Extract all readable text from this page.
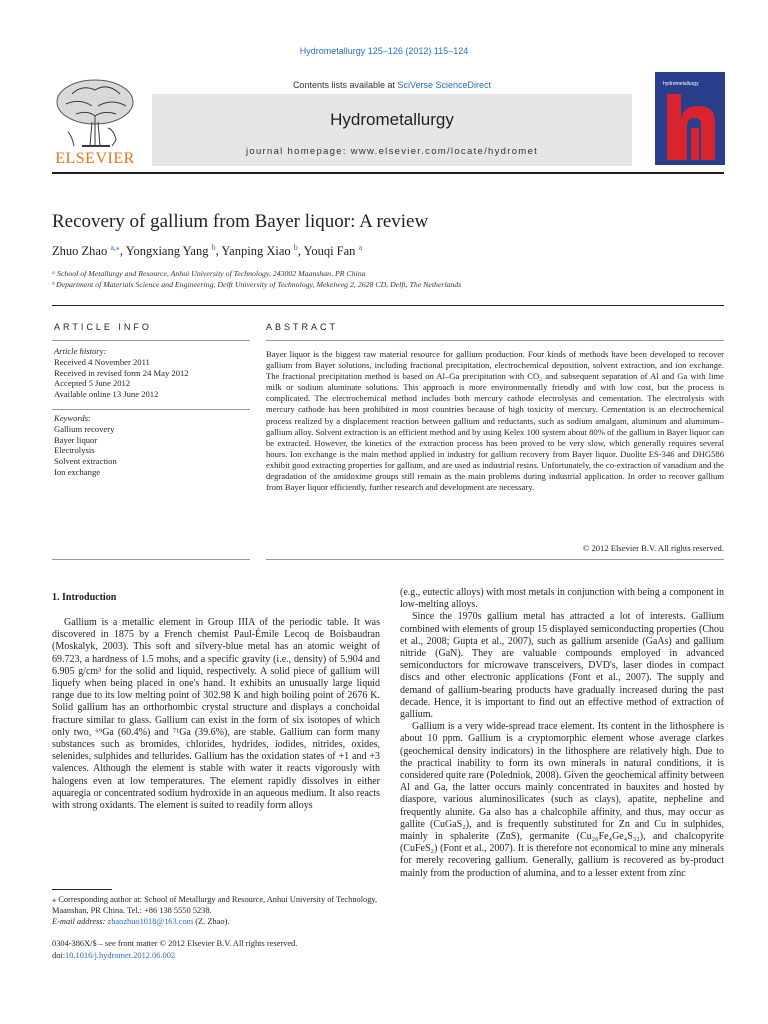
Hydrometallurgy 125–126 (2012) 115–124
ELSEVIER
Contents lists available at SciVerse ScienceDirect
Hydrometallurgy
journal homepage: www.elsevier.com/locate/hydromet
hydrometallurgy
Recovery of gallium from Bayer liquor: A review
Zhuo Zhao $^{a,⁎}$, Yongxiang Yang $^b$, Yanping Xiao $^b$, Youqi Fan $^a$
ᵃ School of Metallurgy and Resource, Anhui University of Technology, 243002 Maanshan, PR China
ᵇ Department of Materials Science and Engineering, Delft University of Technology, Mekelweg 2, 2628 CD, Delft, The Netherlands
ARTICLE INFO	ABSTRACT
Article history:
Received 4 November 2011
Received in revised form 24 May 2012
Accepted 5 June 2012
Available online 13 June 2012
Keywords:
Gallium recovery
Bayer liquor
Electrolysis
Solvent extraction
Ion exchange
Bayer liquor is the biggest raw material resource for gallium production. Four kinds of methods have been developed to recover gallium from Bayer solutions, including fractional precipitation, electrochemical deposition, solvent extraction, and ion exchange. The fractional precipitation method is based on Al–Ga precipitation with CO₂ and subsequent separation of Al and Ga with lime milk or sodium aluminate solutions. This approach is more environmentally friendly and with low cost, but the process is complicated. The electrochemical method includes both mercury cathode electrolysis and cementation. The electrolysis with mercury cathode has been prohibited in most countries because of high toxicity of mercury. Cementation is an electrochemical process realized by a displacement reaction between gallium and reductants, such as sodium amalgam, aluminum and aluminum–gallium alloy. Solvent extraction is an efficient method and by using Kelex 100 system about 80% of the gallium in Bayer liquor can be extracted. However, the kinetics of the extraction process has been proved to be very slow, which generally requires several hours. Ion exchange is the main method applied in industry for gallium recovery from Bayer liquor. Duolite ES-346 and DHG586 exhibit good extracting properties for gallium, and are used as industrial resins. Unfortunately, the co-extraction of vanadium and the degradation of the amidoxime groups still remain as the main problems during industrial application. In order to recover gallium from Bayer liquor efficiently, further research and development are necessary.
© 2012 Elsevier B.V. All rights reserved.
1. Introduction

Gallium is a metallic element in Group IIIA of the periodic table. It was discovered in 1875 by a French chemist Paul-Émile Lecoq de Boisbaudran (Moskalyk, 2003). This soft and silvery-blue metal has an atomic weight of 69.723, a hardness of 1.5 mohs, and a specific gravity (i.e., density) of 5.904 and 6.905 g/cm³ for the solid and liquid, respectively. A solid piece of gallium will liquefy when being placed in one's hand. It exhibits an unusually large liquid range due to its low melting point of 302.98 K and high boiling point of 2676 K. Solid gallium has an orthorhombic crystal structure and displays a conchoidal fracture similar to glass. Gallium can exist in the form of six isotopes of which only two, ⁶⁹Ga (60.4%) and ⁷¹Ga (39.6%), are stable. Gallium can form many substances such as bromides, chlorides, hydrides, iodides, nitrides, oxides, selenides, sulphides and tellurides. Gallium has the oxidation states of +1 and +3 valences. Although the element is stable with water it reacts vigorously with halogens even at low temperatures. The element rapidly dissolves in either aquaregia or concentrated sodium hydroxide in an aqueous medium. It also reacts with strong oxidants. The element is suited to readily form alloys

(e.g., eutectic alloys) with most metals in conjunction with being a component in low-melting alloys.

Since the 1970s gallium metal has attracted a lot of interests. Gallium combined with elements of group 15 displayed semiconducting properties (Chou et al., 2008; Gupta et al., 2007), such as gallium arsenide (GaAs) and gallium nitride (GaN). They are valuable compounds employed in advanced semiconductors for microwave transceivers, DVD's, laser diodes in compact discs and other electronic applications (Font et al., 2007). The supply and demand of gallium-bearing products have gradually increased during the past decade. Hence, it is important to find out an effective method of extraction of gallium.

Gallium is a very wide-spread trace element. Its content in the lithosphere is about 10 ppm. Gallium is a cryptomorphic element whose average clarkes (geochemical density indicators) in the lithosphere are relatively high. Due to the practical inability to form its own minerals in natural conditions, it is considered quite rare (Poledniok, 2008). Given the geochemical affinity between Al and Ga, the latter occurs mainly concentrated in bauxites and hosted by diaspore, various aluminosilicates (such as clays), apatite, nepheline and frequently alunite. Ga also has a chalcophile affinity, and thus, may occur as gallite (CuGaS₂), and is frequently substituted for Zn and Cu in sulphides, mainly in sphalerite (ZnS), germanite (Cu₂₆Fe₄Ge₄S₃₂), and chalcopyrite (CuFeS₂) (Font et al., 2007). It is therefore not economical to mine any minerals for merely recovering gallium. Generally, gallium is recovered as by-product mainly from the production of alumina, and to a lesser extent from zinc

⁎ Corresponding author at: School of Metallurgy and Resource, Anhui University of Technology, Maanshan, PR China. Tel.: +86 138 5550 5238.
E-mail address: zhaozhuo1018@163.com (Z. Zhao).
0304-386X/$ – see front matter © 2012 Elsevier B.V. All rights reserved.
doi:10.1016/j.hydromet.2012.06.002
